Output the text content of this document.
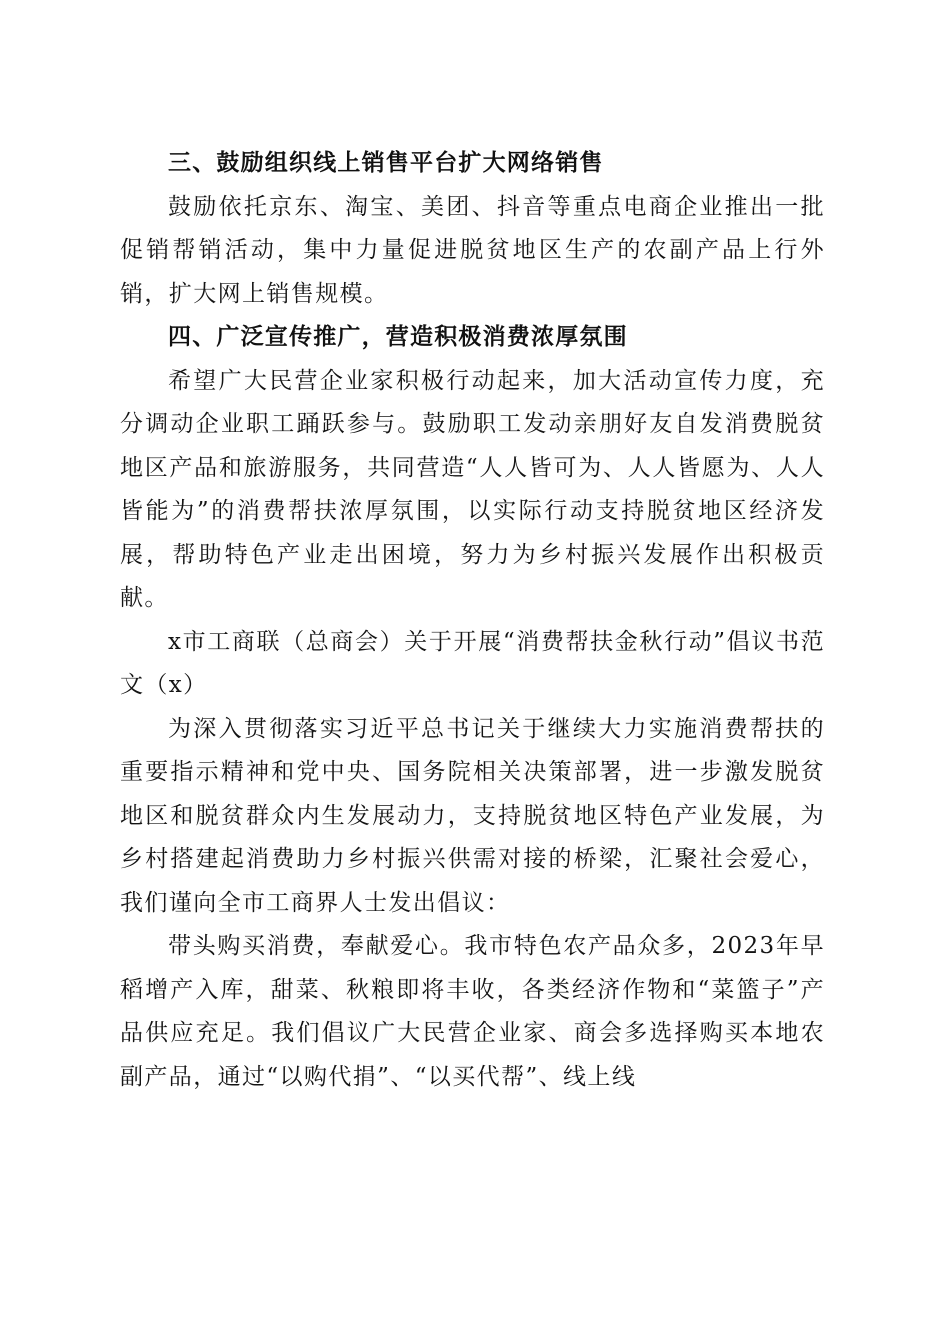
三、鼓励组织线上销售平台扩大网络销售

鼓励依托京东、淘宝、美团、抖音等重点电商企业推出一批促销帮销活动，集中力量促进脱贫地区生产的农副产品上行外销，扩大网上销售规模。

四、广泛宣传推广，营造积极消费浓厚氛围

希望广大民营企业家积极行动起来，加大活动宣传力度，充分调动企业职工踊跃参与。鼓励职工发动亲朋好友自发消费脱贫地区产品和旅游服务，共同营造“人人皆可为、人人皆愿为、人人皆能为”的消费帮扶浓厚氛围，以实际行动支持脱贫地区经济发展，帮助特色产业走出困境，努力为乡村振兴发展作出积极贡献。

x市工商联（总商会）关于开展“消费帮扶金秋行动”倡议书范文（x）

为深入贯彻落实习近平总书记关于继续大力实施消费帮扶的重要指示精神和党中央、国务院相关决策部署，进一步激发脱贫地区和脱贫群众内生发展动力，支持脱贫地区特色产业发展，为乡村搭建起消费助力乡村振兴供需对接的桥梁，汇聚社会爱心，我们谨向全市工商界人士发出倡议：

带头购买消费，奉献爱心。我市特色农产品众多，2023年早稻增产入库，甜菜、秋粮即将丰收，各类经济作物和“菜篮子”产品供应充足。我们倡议广大民营企业家、商会多选择购买本地农副产品，通过“以购代捐”、“以买代帮”、线上线
